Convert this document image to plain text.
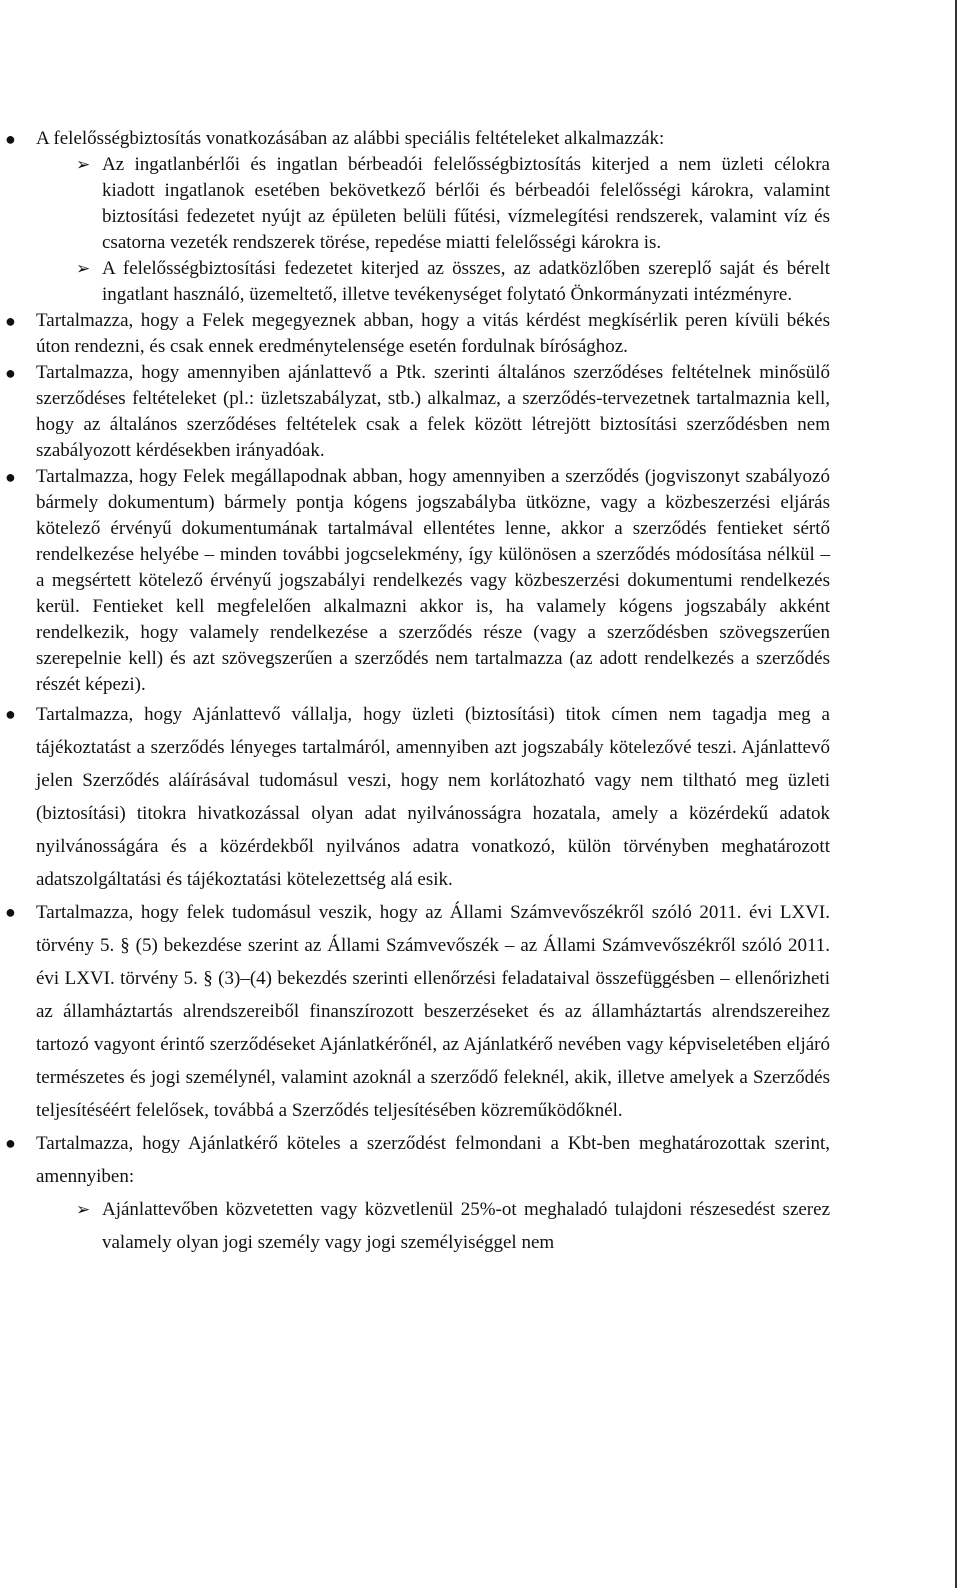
● A felelősségbiztosítás vonatkozásában az alábbi speciális feltételeket alkalmazzák:
➢ Az ingatlanbérlői és ingatlan bérbeadói felelősségbiztosítás kiterjed a nem üzleti célokra kiadott ingatlanok esetében bekövetkező bérlői és bérbeadói felelősségi károkra, valamint biztosítási fedezetet nyújt az épületen belüli fűtési, vízmelegítési rendszerek, valamint víz és csatorna vezeték rendszerek törése, repedése miatti felelősségi károkra is.
➢ A felelősségbiztosítási fedezetet kiterjed az összes, az adatközlőben szereplő saját és bérelt ingatlant használó, üzemeltető, illetve tevékenységet folytató Önkormányzati intézményre.
● Tartalmazza, hogy a Felek megegyeznek abban, hogy a vitás kérdést megkísérlik peren kívüli békés úton rendezni, és csak ennek eredménytelensége esetén fordulnak bírósághoz.
● Tartalmazza, hogy amennyiben ajánlattevő a Ptk. szerinti általános szerződéses feltételnek minősülő szerződéses feltételeket (pl.: üzletszabályzat, stb.) alkalmaz, a szerződés-tervezetnek tartalmaznia kell, hogy az általános szerződéses feltételek csak a felek között létrejött biztosítási szerződésben nem szabályozott kérdésekben irányadóak.
● Tartalmazza, hogy Felek megállapodnak abban, hogy amennyiben a szerződés (jogviszonyt szabályozó bármely dokumentum) bármely pontja kógens jogszabályba ütközne, vagy a közbeszerzési eljárás kötelező érvényű dokumentumának tartalmával ellentétes lenne, akkor a szerződés fentieket sértő rendelkezése helyébe – minden további jogcselekmény, így különösen a szerződés módosítása nélkül – a megsértett kötelező érvényű jogszabályi rendelkezés vagy közbeszerzési dokumentumi rendelkezés kerül. Fentieket kell megfelelően alkalmazni akkor is, ha valamely kógens jogszabály akként rendelkezik, hogy valamely rendelkezése a szerződés része (vagy a szerződésben szövegszerűen szerepelnie kell) és azt szövegszerűen a szerződés nem tartalmazza (az adott rendelkezés a szerződés részét képezi).
● Tartalmazza, hogy Ajánlattevő vállalja, hogy üzleti (biztosítási) titok címen nem tagadja meg a tájékoztatást a szerződés lényeges tartalmáról, amennyiben azt jogszabály kötelezővé teszi. Ajánlattevő jelen Szerződés aláírásával tudomásul veszi, hogy nem korlátozható vagy nem tiltható meg üzleti (biztosítási) titokra hivatkozással olyan adat nyilvánosságra hozatala, amely a közérdekű adatok nyilvánosságára és a közérdekből nyilvános adatra vonatkozó, külön törvényben meghatározott adatszolgáltatási és tájékoztatási kötelezettség alá esik.
● Tartalmazza, hogy felek tudomásul veszik, hogy az Állami Számvevőszékről szóló 2011. évi LXVI. törvény 5. § (5) bekezdése szerint az Állami Számvevőszék – az Állami Számvevőszékről szóló 2011. évi LXVI. törvény 5. § (3)–(4) bekezdés szerinti ellenőrzési feladataival összefüggésben – ellenőrizheti az államháztartás alrendszereiből finanszírozott beszerzéseket és az államháztartás alrendszereihez tartozó vagyont érintő szerződéseket Ajánlatkérőnél, az Ajánlatkérő nevében vagy képviseletében eljáró természetes és jogi személynél, valamint azoknál a szerződő feleknél, akik, illetve amelyek a Szerződés teljesítéséért felelősek, továbbá a Szerződés teljesítésében közreműködőknél.
● Tartalmazza, hogy Ajánlatkérő köteles a szerződést felmondani a Kbt-ben meghatározottak szerint, amennyiben:
➢ Ajánlattevőben közvetetten vagy közvetlenül 25%-ot meghaladó tulajdoni részesedést szerez valamely olyan jogi személy vagy jogi személyiséggel nem
